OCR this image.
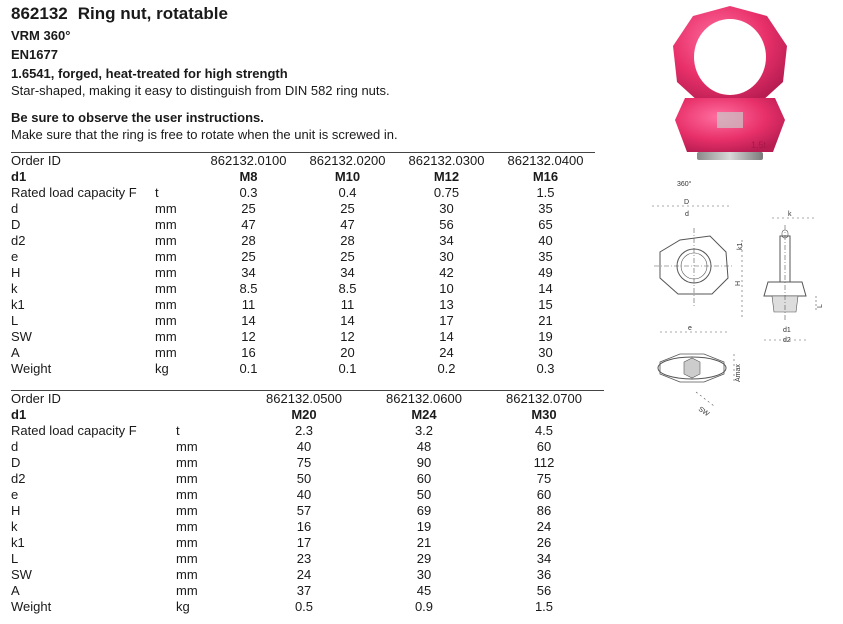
862132 Ring nut, rotatable
VRM 360°
EN1677
1.6541, forged, heat-treated for high strength
Star-shaped, making it easy to distinguish from DIN 582 ring nuts.
Be sure to observe the user instructions.
Make sure that the ring is free to rotate when the unit is screwed in.
1,5t
360°
D
d	k
k1
H
L
e	d1
d2
Amax
SW
Order ID		862132.0100	862132.0200	862132.0300	862132.0400
d1		M8	M10	M12	M16
Rated load capacity F	t	0.3	0.4	0.75	1.5
d	mm	25	25	30	35
D	mm	47	47	56	65
d2	mm	28	28	34	40
e	mm	25	25	30	35
H	mm	34	34	42	49
k	mm	8.5	8.5	10	14
k1	mm	11	11	13	15
L	mm	14	14	17	21
SW	mm	12	12	14	19
A	mm	16	20	24	30
Weight	kg	0.1	0.1	0.2	0.3
Order ID		862132.0500	862132.0600	862132.0700
d1		M20	M24	M30
Rated load capacity F	t	2.3	3.2	4.5
d	mm	40	48	60
D	mm	75	90	112
d2	mm	50	60	75
e	mm	40	50	60
H	mm	57	69	86
k	mm	16	19	24
k1	mm	17	21	26
L	mm	23	29	34
SW	mm	24	30	36
A	mm	37	45	56
Weight	kg	0.5	0.9	1.5
